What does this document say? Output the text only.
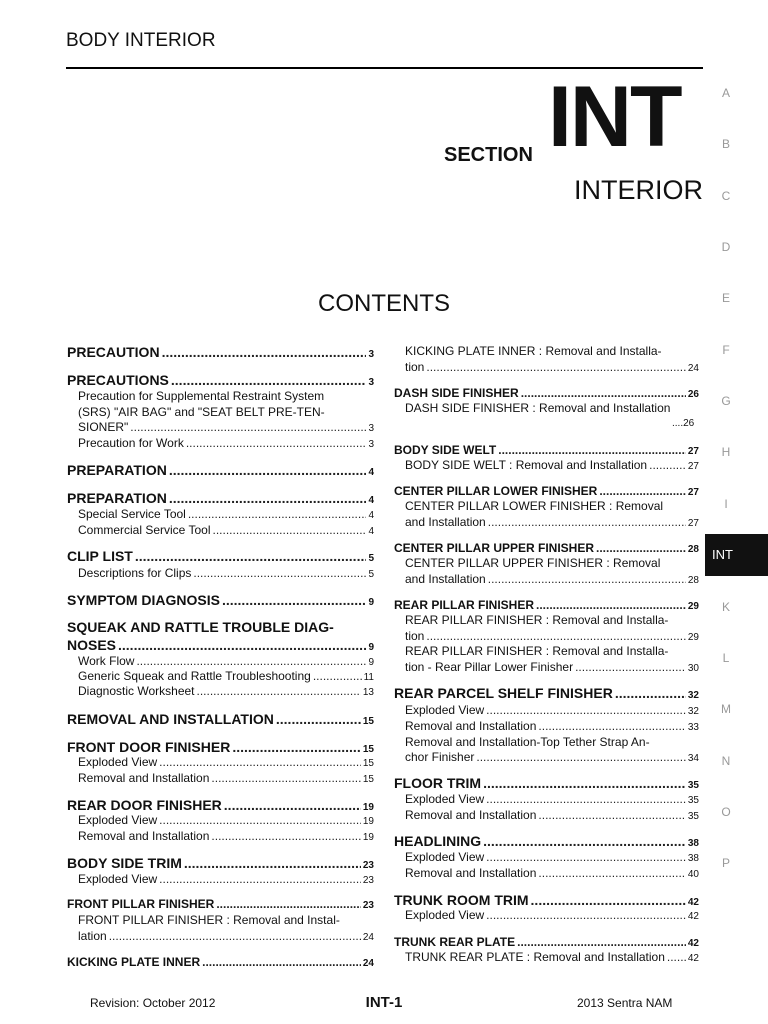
BODY INTERIOR
SECTION INT
INTERIOR
A
B
C
D
E
F
G
H
I
INT
K
L
M
N
O
P
CONTENTS
PRECAUTION .....	3
PRECAUTIONS .....	3
Precaution for Supplemental Restraint System
(SRS) "AIR BAG" and "SEAT BELT PRE-TEN-
SIONER" .....	3
Precaution for Work .....	3
PREPARATION .....	4
PREPARATION .....	4
Special Service Tool .....	4
Commercial Service Tool .....	4
CLIP LIST .....	5
Descriptions for Clips .....	5
SYMPTOM DIAGNOSIS .....	9
SQUEAK AND RATTLE TROUBLE DIAG-
NOSES .....	9
Work Flow .....	9
Generic Squeak and Rattle Troubleshooting .....	11
Diagnostic Worksheet .....	13
REMOVAL AND INSTALLATION .....	15
FRONT DOOR FINISHER .....	15
Exploded View .....	15
Removal and Installation .....	15
REAR DOOR FINISHER .....	19
Exploded View .....	19
Removal and Installation .....	19
BODY SIDE TRIM .....	23
Exploded View .....	23
FRONT PILLAR FINISHER .....	23
FRONT PILLAR FINISHER : Removal and Instal-
lation .....	24
KICKING PLATE INNER .....	24
KICKING PLATE INNER : Removal and Installa-
tion .....	24
DASH SIDE FINISHER .....	26
DASH SIDE FINISHER : Removal and Installation
....26
BODY SIDE WELT .....	27
BODY SIDE WELT : Removal and Installation .....	27
CENTER PILLAR LOWER FINISHER .....	27
CENTER PILLAR LOWER FINISHER : Removal
and Installation .....	27
CENTER PILLAR UPPER FINISHER .....	28
CENTER PILLAR UPPER FINISHER : Removal
and Installation .....	28
REAR PILLAR FINISHER .....	29
REAR PILLAR FINISHER : Removal and Installa-
tion .....	29
REAR PILLAR FINISHER : Removal and Installa-
tion - Rear Pillar Lower Finisher .....	30
REAR PARCEL SHELF FINISHER .....	32
Exploded View .....	32
Removal and Installation .....	33
Removal and Installation-Top Tether Strap An-
chor Finisher .....	34
FLOOR TRIM .....	35
Exploded View .....	35
Removal and Installation .....	35
HEADLINING .....	38
Exploded View .....	38
Removal and Installation .....	40
TRUNK ROOM TRIM .....	42
Exploded View .....	42
TRUNK REAR PLATE .....	42
TRUNK REAR PLATE : Removal and Installation ..... 42
Revision: October 2012	INT-1	2013 Sentra NAM
